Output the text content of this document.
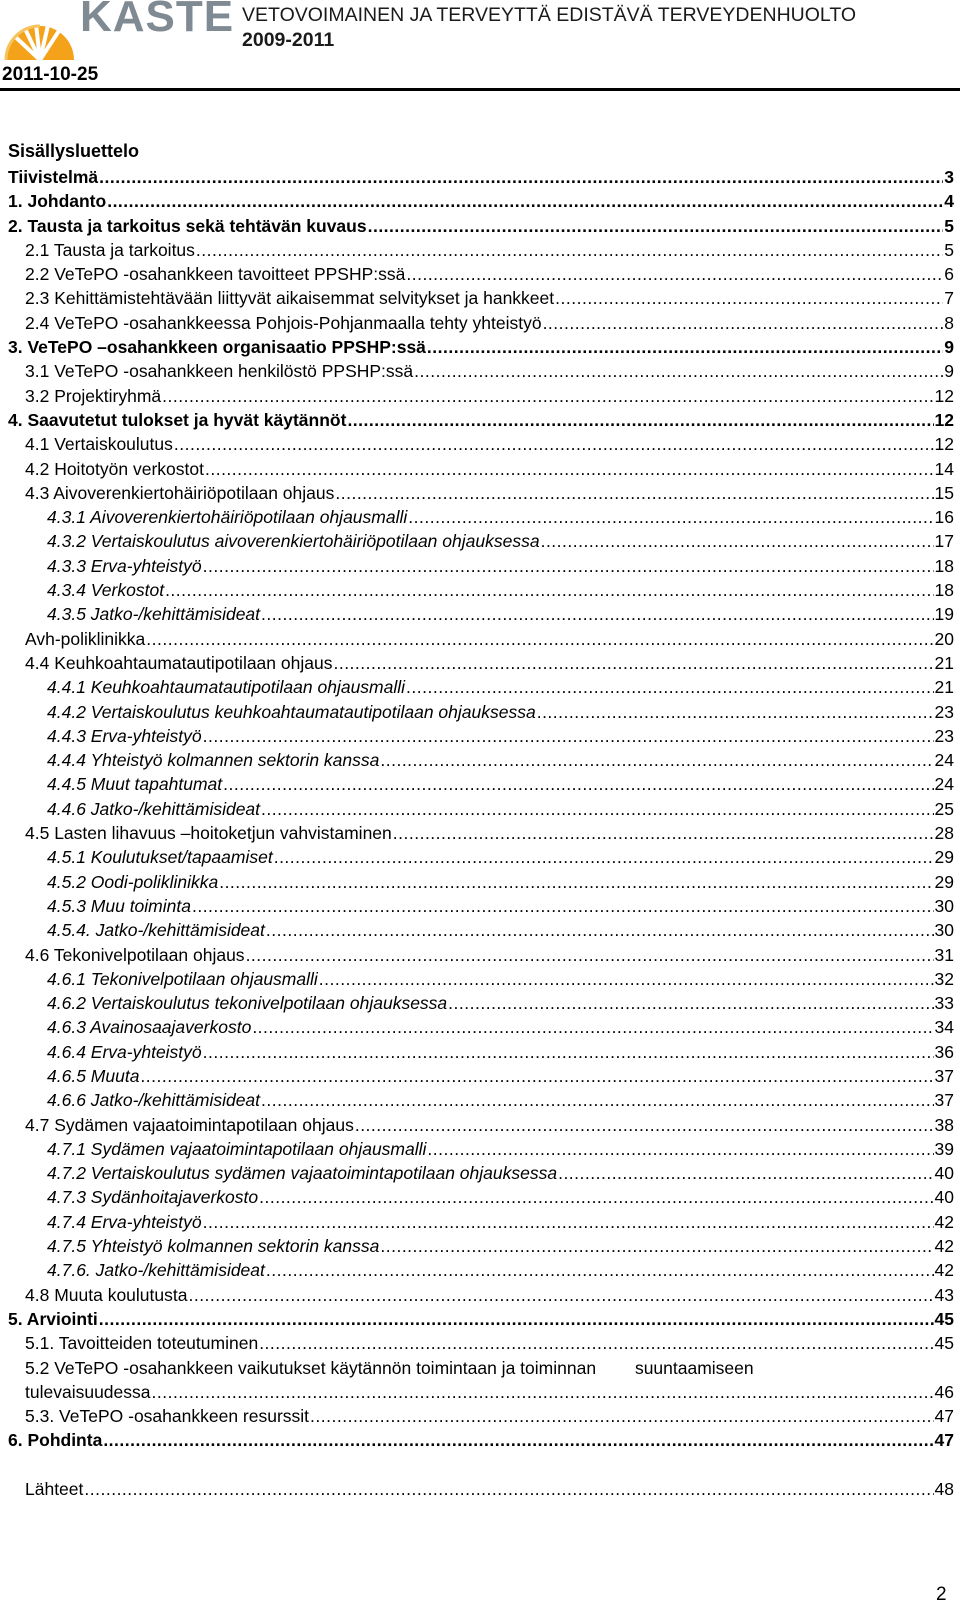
KASTE VETOVOIMAINEN JA TERVEYTTÄ EDISTÄVÄ TERVEYDENHUOLTO
2009-2011
2011-10-25
Sisällysluettelo
Tiivistelmä .....	3
1. Johdanto .....	4
2. Tausta ja tarkoitus sekä tehtävän kuvaus .....	5
2.1 Tausta ja tarkoitus .....	5
2.2 VeTePO -osahankkeen tavoitteet PPSHP:ssä .....	6
2.3 Kehittämistehtävään liittyvät aikaisemmat selvitykset ja hankkeet .....	7
2.4 VeTePO -osahankkeessa Pohjois-Pohjanmaalla tehty yhteistyö .....	8
3. VeTePO –osahankkeen organisaatio PPSHP:ssä .....	9
3.1 VeTePO -osahankkeen henkilöstö PPSHP:ssä .....	9
3.2 Projektiryhmä .....	12
4. Saavutetut tulokset ja hyvät käytännöt .....	12
4.1 Vertaiskoulutus .....	12
4.2 Hoitotyön verkostot .....	14
4.3 Aivoverenkiertohäiriöpotilaan ohjaus .....	15
4.3.1 Aivoverenkiertohäiriöpotilaan ohjausmalli .....	16
4.3.2 Vertaiskoulutus aivoverenkiertohäiriöpotilaan ohjauksessa .....	17
4.3.3 Erva-yhteistyö .....	18
4.3.4 Verkostot .....	18
4.3.5 Jatko-/kehittämisideat .....	19
Avh-poliklinikka .....	20
4.4 Keuhkoahtaumatautipotilaan ohjaus .....	21
4.4.1 Keuhkoahtaumatautipotilaan ohjausmalli .....	21
4.4.2 Vertaiskoulutus keuhkoahtaumatautipotilaan ohjauksessa .....	23
4.4.3 Erva-yhteistyö .....	23
4.4.4 Yhteistyö kolmannen sektorin kanssa .....	24
4.4.5 Muut tapahtumat .....	24
4.4.6 Jatko-/kehittämisideat .....	25
4.5 Lasten lihavuus –hoitoketjun vahvistaminen .....	28
4.5.1 Koulutukset/tapaamiset .....	29
4.5.2 Oodi-poliklinikka .....	29
4.5.3 Muu toiminta .....	30
4.5.4. Jatko-/kehittämisideat .....	30
4.6 Tekonivelpotilaan ohjaus .....	31
4.6.1 Tekonivelpotilaan ohjausmalli .....	32
4.6.2 Vertaiskoulutus tekonivelpotilaan ohjauksessa .....	33
4.6.3 Avainosaajaverkosto .....	34
4.6.4 Erva-yhteistyö .....	36
4.6.5 Muuta .....	37
4.6.6 Jatko-/kehittämisideat .....	37
4.7 Sydämen vajaatoimintapotilaan ohjaus .....	38
4.7.1 Sydämen vajaatoimintapotilaan ohjausmalli .....	39
4.7.2 Vertaiskoulutus sydämen vajaatoimintapotilaan ohjauksessa .....	40
4.7.3 Sydänhoitajaverkosto .....	40
4.7.4 Erva-yhteistyö .....	42
4.7.5 Yhteistyö kolmannen sektorin kanssa .....	42
4.7.6. Jatko-/kehittämisideat .....	42
4.8 Muuta koulutusta .....	43
5. Arviointi .....	45
5.1. Tavoitteiden toteutuminen .....	45
5.2 VeTePO -osahankkeen vaikutukset käytännön toimintaan ja toiminnan        suuntaamiseen
tulevaisuudessa .....	46
5.3. VeTePO -osahankkeen resurssit .....	47
6. Pohdinta .....	47
Lähteet .....	48
2
